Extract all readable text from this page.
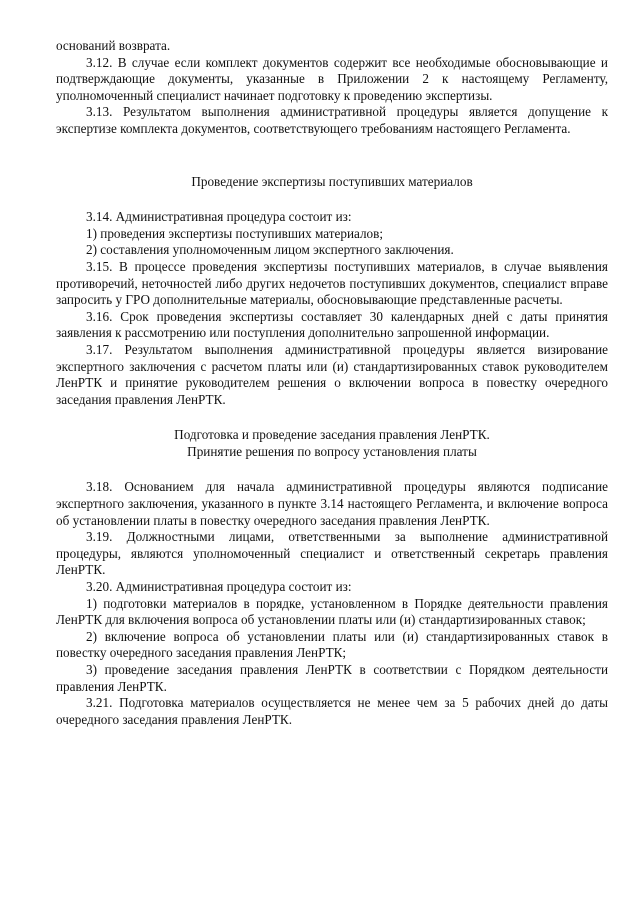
оснований возврата.

3.12. В случае если комплект документов содержит все необходимые обосновывающие и подтверждающие документы, указанные в Приложении 2 к настоящему Регламенту, уполномоченный специалист начинает подготовку к проведению экспертизы.

3.13. Результатом выполнения административной процедуры является допущение к экспертизе комплекта документов, соответствующего требованиям настоящего Регламента.

Проведение экспертизы поступивших материалов

3.14. Административная процедура состоит из:

1) проведения экспертизы поступивших материалов;

2) составления уполномоченным лицом экспертного заключения.

3.15. В процессе проведения экспертизы поступивших материалов, в случае выявления противоречий, неточностей либо других недочетов поступивших документов, специалист вправе запросить у ГРО дополнительные материалы, обосновывающие представленные расчеты.

3.16. Срок проведения экспертизы составляет 30 календарных дней с даты принятия заявления к рассмотрению или поступления дополнительно запрошенной информации.

3.17. Результатом выполнения административной процедуры является визирование экспертного заключения с расчетом платы или (и) стандартизированных ставок руководителем ЛенРТК и принятие руководителем решения о включении вопроса в повестку очередного заседания правления ЛенРТК.

Подготовка и проведение заседания правления ЛенРТК.

Принятие решения по вопросу установления платы

3.18. Основанием для начала административной процедуры являются подписание экспертного заключения, указанного в пункте 3.14 настоящего Регламента, и включение вопроса об установлении платы в повестку очередного заседания правления ЛенРТК.

3.19. Должностными лицами, ответственными за выполнение административной процедуры, являются уполномоченный специалист и ответственный секретарь правления ЛенРТК.

3.20. Административная процедура состоит из:

1) подготовки материалов в порядке, установленном в Порядке деятельности правления ЛенРТК для включения вопроса об установлении платы или (и) стандартизированных ставок;

2) включение вопроса об установлении платы или (и) стандартизированных ставок в повестку очередного заседания правления ЛенРТК;

3) проведение заседания правления ЛенРТК в соответствии с Порядком деятельности правления ЛенРТК.

3.21. Подготовка материалов осуществляется не менее чем за 5 рабочих дней до даты очередного заседания правления ЛенРТК.
